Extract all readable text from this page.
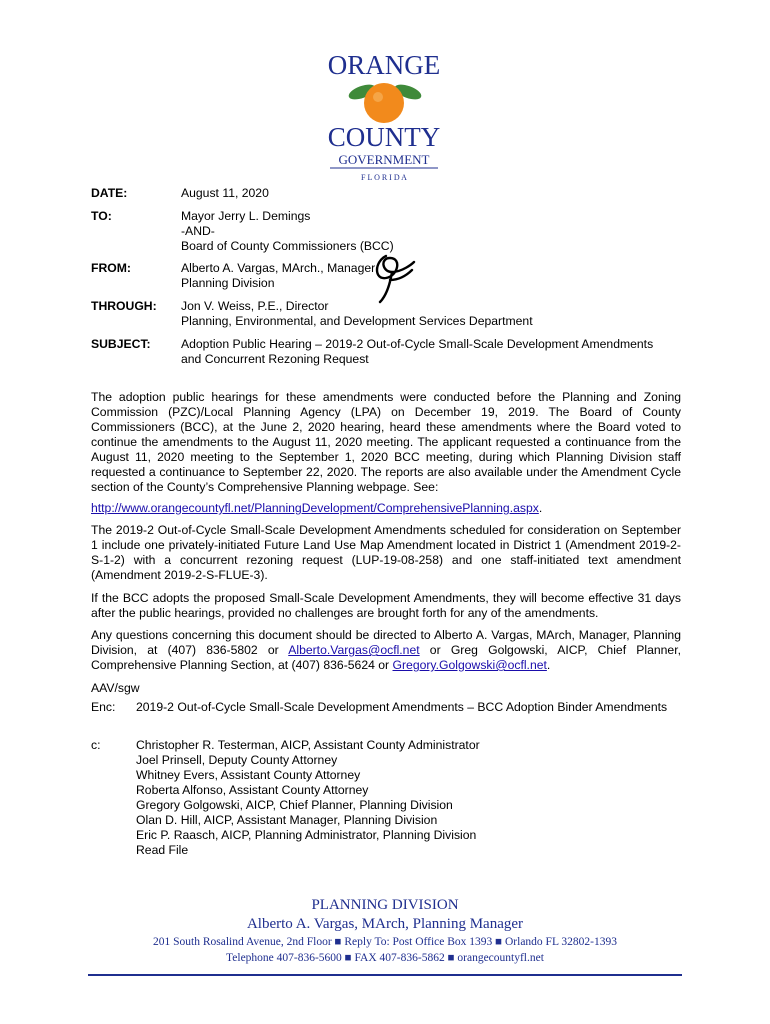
ORANGE
COUNTY
GOVERNMENT
F L O R I D A
DATE:	August 11, 2020
TO:	Mayor Jerry L. Demings
-AND-
Board of County Commissioners (BCC)
FROM:	Alberto A. Vargas, MArch., Manager
Planning Division
THROUGH: Jon V. Weiss, P.E., Director
Planning, Environmental, and Development Services Department
SUBJECT: Adoption Public Hearing – 2019-2 Out-of-Cycle Small-Scale Development Amendments
and Concurrent Rezoning Request
The adoption public hearings for these amendments were conducted before the Planning and Zoning Commission (PZC)/Local Planning Agency (LPA) on December 19, 2019. The Board of County Commissioners (BCC), at the June 2, 2020 hearing, heard these amendments where the Board voted to continue the amendments to the August 11, 2020 meeting. The applicant requested a continuance from the August 11, 2020 meeting to the September 1, 2020 BCC meeting, during which Planning Division staff requested a continuance to September 22, 2020. The reports are also available under the Amendment Cycle section of the County’s Comprehensive Planning webpage. See:
http://www.orangecountyfl.net/PlanningDevelopment/ComprehensivePlanning.aspx.
The 2019-2 Out-of-Cycle Small-Scale Development Amendments scheduled for consideration on September 1 include one privately-initiated Future Land Use Map Amendment located in District 1 (Amendment 2019-2-S-1-2) with a concurrent rezoning request (LUP-19-08-258) and one staff-initiated text amendment (Amendment 2019-2-S-FLUE-3).
If the BCC adopts the proposed Small-Scale Development Amendments, they will become effective 31 days after the public hearings, provided no challenges are brought forth for any of the amendments.
Any questions concerning this document should be directed to Alberto A. Vargas, MArch, Manager, Planning Division, at (407) 836-5802 or Alberto.Vargas@ocfl.net or Greg Golgowski, AICP, Chief Planner, Comprehensive Planning Section, at (407) 836-5624 or Gregory.Golgowski@ocfl.net.
AAV/sgw
Enc: 2019-2 Out-of-Cycle Small-Scale Development Amendments – BCC Adoption Binder Amendments
c:	Christopher R. Testerman, AICP, Assistant County Administrator
Joel Prinsell, Deputy County Attorney
Whitney Evers, Assistant County Attorney
Roberta Alfonso, Assistant County Attorney
Gregory Golgowski, AICP, Chief Planner, Planning Division
Olan D. Hill, AICP, Assistant Manager, Planning Division
Eric P. Raasch, AICP, Planning Administrator, Planning Division
Read File
PLANNING DIVISION
Alberto A. Vargas, MArch, Planning Manager
201 South Rosalind Avenue, 2nd Floor ■ Reply To: Post Office Box 1393 ■ Orlando FL 32802-1393
Telephone 407-836-5600 ■ FAX 407-836-5862 ■ orangecountyfl.net
